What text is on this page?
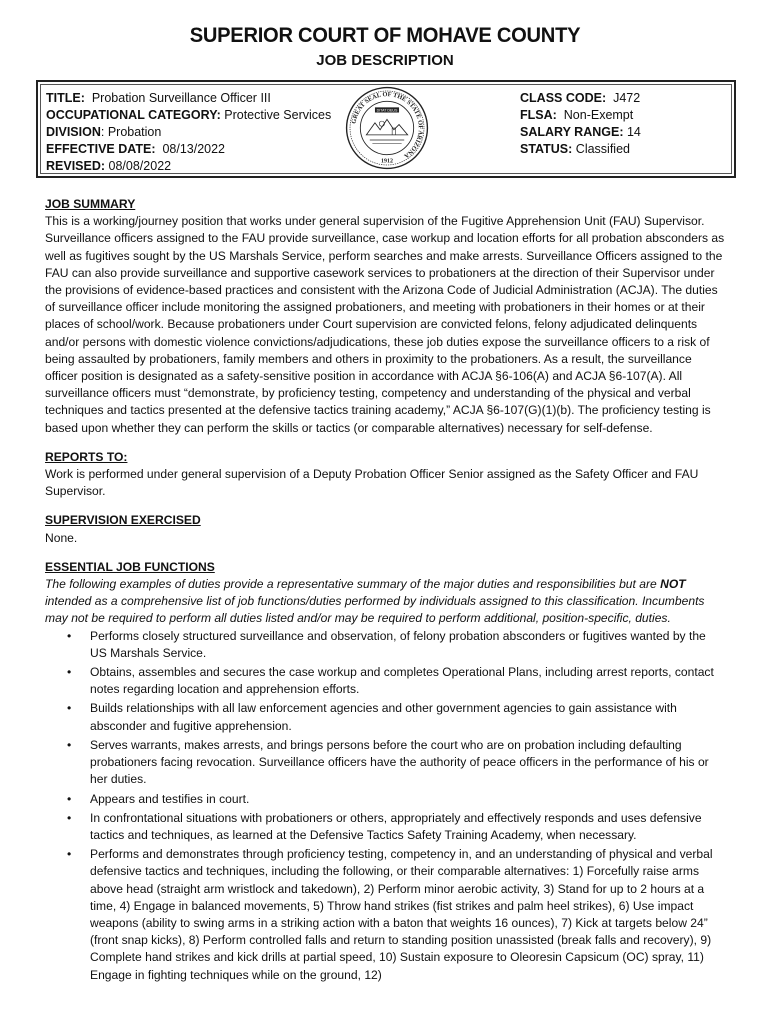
SUPERIOR COURT OF MOHAVE COUNTY
JOB DESCRIPTION
TITLE: Probation Surveillance Officer III
OCCUPATIONAL CATEGORY: Protective Services
DIVISION: Probation
EFFECTIVE DATE: 08/13/2022
REVISED: 08/08/2022
GREAT SEAL OF THE STATE OF ARIZONA
DITAT DEUS
1912
CLASS CODE: J472
FLSA: Non-Exempt
SALARY RANGE: 14
STATUS: Classified
JOB SUMMARY

This is a working/journey position that works under general supervision of the Fugitive Apprehension Unit (FAU) Supervisor. Surveillance officers assigned to the FAU provide surveillance, case workup and location efforts for all probation absconders as well as fugitives sought by the US Marshals Service, perform searches and make arrests. Surveillance Officers assigned to the FAU can also provide surveillance and supportive casework services to probationers at the direction of their Supervisor under the provisions of evidence-based practices and consistent with the Arizona Code of Judicial Administration (ACJA). The duties of surveillance officer include monitoring the assigned probationers, and meeting with probationers in their homes or at their places of school/work. Because probationers under Court supervision are convicted felons, felony adjudicated delinquents and/or persons with domestic violence convictions/adjudications, these job duties expose the surveillance officers to a risk of being assaulted by probationers, family members and others in proximity to the probationers. As a result, the surveillance officer position is designated as a safety-sensitive position in accordance with ACJA §6-106(A) and ACJA §6-107(A). All surveillance officers must “demonstrate, by proficiency testing, competency and understanding of the physical and verbal techniques and tactics presented at the defensive tactics training academy,” ACJA §6-107(G)(1)(b). The proficiency testing is based upon whether they can perform the skills or tactics (or comparable alternatives) necessary for self-defense.

REPORTS TO:

Work is performed under general supervision of a Deputy Probation Officer Senior assigned as the Safety Officer and FAU Supervisor.

SUPERVISION EXERCISED

None.

ESSENTIAL JOB FUNCTIONS

The following examples of duties provide a representative summary of the major duties and responsibilities but are NOT intended as a comprehensive list of job functions/duties performed by individuals assigned to this classification. Incumbents may not be required to perform all duties listed and/or may be required to perform additional, position-specific, duties.

• Performs closely structured surveillance and observation, of felony probation absconders or fugitives wanted by the US Marshals Service.
• Obtains, assembles and secures the case workup and completes Operational Plans, including arrest reports, contact notes regarding location and apprehension efforts.
• Builds relationships with all law enforcement agencies and other government agencies to gain assistance with absconder and fugitive apprehension.
• Serves warrants, makes arrests, and brings persons before the court who are on probation including defaulting probationers facing revocation. Surveillance officers have the authority of peace officers in the performance of his or her duties.
• Appears and testifies in court.
• In confrontational situations with probationers or others, appropriately and effectively responds and uses defensive tactics and techniques, as learned at the Defensive Tactics Safety Training Academy, when necessary.
• Performs and demonstrates through proficiency testing, competency in, and an understanding of physical and verbal defensive tactics and techniques, including the following, or their comparable alternatives: 1) Forcefully raise arms above head (straight arm wristlock and takedown), 2) Perform minor aerobic activity, 3) Stand for up to 2 hours at a time, 4) Engage in balanced movements, 5) Throw hand strikes (fist strikes and palm heel strikes), 6) Use impact weapons (ability to swing arms in a striking action with a baton that weights 16 ounces), 7) Kick at targets below 24” (front snap kicks), 8) Perform controlled falls and return to standing position unassisted (break falls and recovery), 9) Complete hand strikes and kick drills at partial speed, 10) Sustain exposure to Oleoresin Capsicum (OC) spray, 11) Engage in fighting techniques while on the ground, 12)
